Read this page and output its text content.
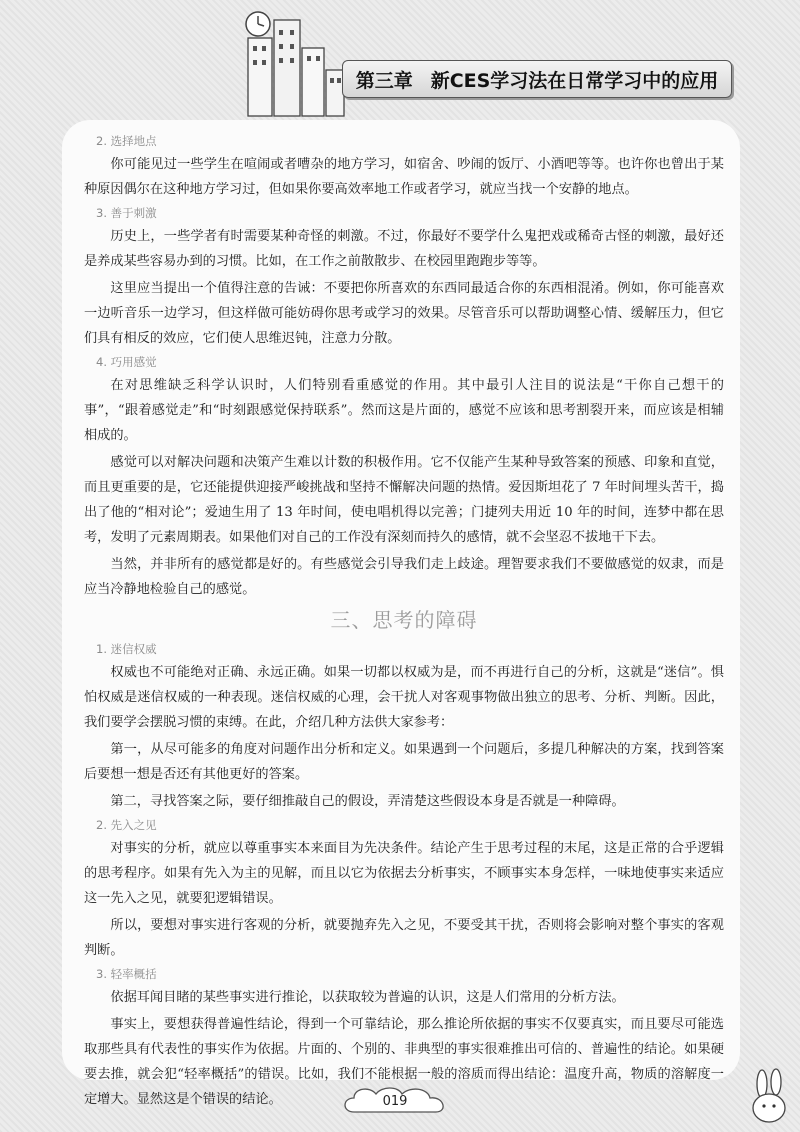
第三章 新CES学习法在日常学习中的应用
2. 选择地点

你可能见过一些学生在喧闹或者嘈杂的地方学习，如宿舍、吵闹的饭厅、小酒吧等等。也许你也曾出于某种原因偶尔在这种地方学习过，但如果你要高效率地工作或者学习，就应当找一个安静的地点。

3. 善于刺激

历史上，一些学者有时需要某种奇怪的刺激。不过，你最好不要学什么鬼把戏或稀奇古怪的刺激，最好还是养成某些容易办到的习惯。比如，在工作之前散散步、在校园里跑跑步等等。

这里应当提出一个值得注意的告诫：不要把你所喜欢的东西同最适合你的东西相混淆。例如，你可能喜欢一边听音乐一边学习，但这样做可能妨碍你思考或学习的效果。尽管音乐可以帮助调整心情、缓解压力，但它们具有相反的效应，它们使人思维迟钝，注意力分散。

4. 巧用感觉

在对思维缺乏科学认识时，人们特别看重感觉的作用。其中最引人注目的说法是“干你自己想干的事”，“跟着感觉走”和“时刻跟感觉保持联系”。然而这是片面的，感觉不应该和思考割裂开来，而应该是相辅相成的。

感觉可以对解决问题和决策产生难以计数的积极作用。它不仅能产生某种导致答案的预感、印象和直觉，而且更重要的是，它还能提供迎接严峻挑战和坚持不懈解决问题的热情。爱因斯坦花了 7 年时间埋头苦干，捣出了他的“相对论”；爱迪生用了 13 年时间，使电唱机得以完善；门捷列夫用近 10 年的时间，连梦中都在思考，发明了元素周期表。如果他们对自己的工作没有深刻而持久的感情，就不会坚忍不拔地干下去。

当然，并非所有的感觉都是好的。有些感觉会引导我们走上歧途。理智要求我们不要做感觉的奴隶，而是应当冷静地检验自己的感觉。

三、思考的障碍
1. 迷信权威

权威也不可能绝对正确、永远正确。如果一切都以权威为是，而不再进行自己的分析，这就是“迷信”。惧怕权威是迷信权威的一种表现。迷信权威的心理，会干扰人对客观事物做出独立的思考、分析、判断。因此，我们要学会摆脱习惯的束缚。在此，介绍几种方法供大家参考：

第一，从尽可能多的角度对问题作出分析和定义。如果遇到一个问题后，多提几种解决的方案，找到答案后要想一想是否还有其他更好的答案。

第二，寻找答案之际，要仔细推敲自己的假设，弄清楚这些假设本身是否就是一种障碍。

2. 先入之见

对事实的分析，就应以尊重事实本来面目为先决条件。结论产生于思考过程的末尾，这是正常的合乎逻辑的思考程序。如果有先入为主的见解，而且以它为依据去分析事实，不顾事实本身怎样，一味地使事实来适应这一先入之见，就要犯逻辑错误。

所以，要想对事实进行客观的分析，就要抛弃先入之见，不要受其干扰，否则将会影响对整个事实的客观判断。

3. 轻率概括

依据耳闻目睹的某些事实进行推论，以获取较为普遍的认识，这是人们常用的分析方法。

事实上，要想获得普遍性结论，得到一个可靠结论，那么推论所依据的事实不仅要真实，而且要尽可能选取那些具有代表性的事实作为依据。片面的、个别的、非典型的事实很难推出可信的、普遍性的结论。如果硬要去推，就会犯“轻率概括”的错误。比如，我们不能根据一般的溶质而得出结论：温度升高，物质的溶解度一定增大。显然这是个错误的结论。	019
